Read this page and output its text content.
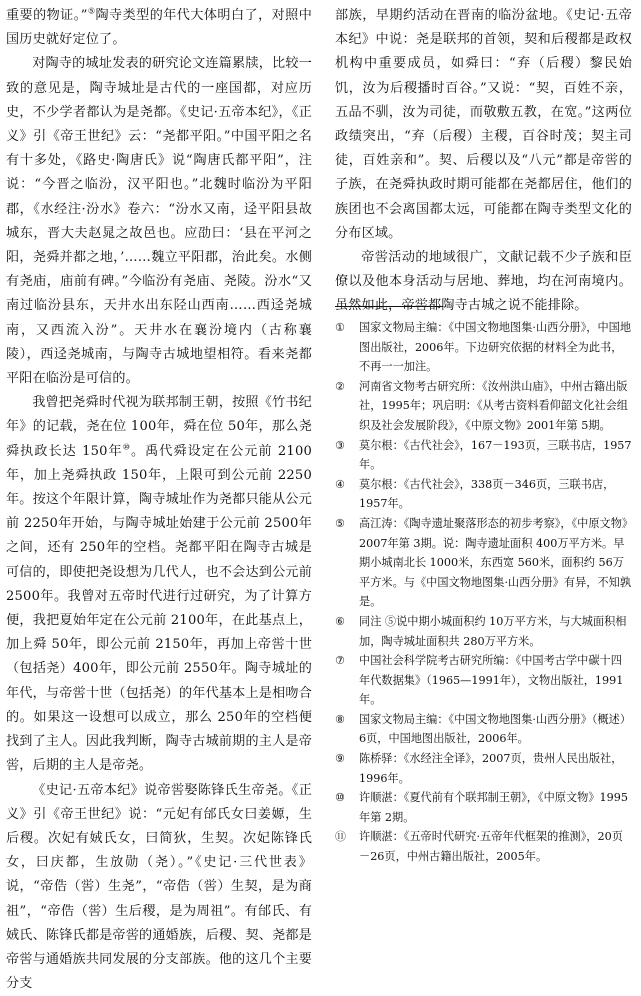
重要的物证。”⑤陶寺类型的年代大体明白了，对照中国历史就好定位了。

对陶寺的城址发表的研究论文连篇累牍，比较一致的意见是，陶寺城址是古代的一座国都，对应历史，不少学者都认为是尧都。《史记·五帝本纪》，《正义》引《帝王世纪》云：“尧都平阳。”中国平阳之名有十多处，《路史·陶唐氏》说“陶唐氏都平阳”，注说：“今晋之临汾，汉平阳也。”北魏时临汾为平阳郡，《水经注·汾水》卷六：“汾水又南，迳平阳县故城东，晋大夫赵晁之故邑也。应劭曰：‘县在平河之阳，尧舜并都之地，’……魏立平阳郡，治此矣。水侧有尧庙，庙前有碑。”今临汾有尧庙、尧陵。汾水“又南过临汾县东，天井水出东陉山西南……西迳尧城南，又西流入汾”。天井水在襄汾境内（古称襄陵），西迳尧城南，与陶寺古城地望相符。看来尧都平阳在临汾是可信的。

我曾把尧舜时代视为联邦制王朝，按照《竹书纪年》的记载，尧在位 100年，舜在位 50年，那么尧舜执政长达 150年⑩。禹代舜设定在公元前 2100年，加上尧舜执政 150年，上限可到公元前 2250年。按这个年限计算，陶寺城址作为尧都只能从公元前 2250年开始，与陶寺城址始建于公元前 2500年之间，还有 250年的空档。尧都平阳在陶寺古城是可信的，即使把尧设想为几代人，也不会达到公元前 2500年。我曾对五帝时代进行过研究，为了计算方便，我把夏始年定在公元前 2100年，在此基点上，加上舜 50年，即公元前 2150年，再加上帝喾十世（包括尧）400年，即公元前 2550年。陶寺城址的年代，与帝喾十世（包括尧）的年代基本上是相吻合的。如果这一设想可以成立，那么 250年的空档便找到了主人。因此我判断，陶寺古城前期的主人是帝喾，后期的主人是帝尧。

《史记·五帝本纪》说帝喾娶陈锋氏生帝尧。《正义》引《帝王世纪》说：“元妃有邰氏女曰姜嫄，生后稷。次妃有娀氏女，曰简狄，生契。次妃陈锋氏女，曰庆都，生放勋（尧）。”《史记·三代世表》说，“帝俈（喾）生尧”，“帝俈（喾）生契，是为商祖”，“帝俈（喾）生后稷，是为周祖”。有邰氏、有娀氏、陈锋氏都是帝喾的通婚族，后稷、契、尧都是帝喾与通婚族共同发展的分支部族。他的这几个主要分支

部族，早期约活动在晋南的临汾盆地。《史记·五帝本纪》中说：尧是联邦的首领，契和后稷都是政权机构中重要成员，如舜曰：“弃（后稷）黎民始饥，汝为后稷播时百谷。”又说：“契，百姓不亲，五品不驯，汝为司徒，而敬敷五教，在宽。”这两位政绩突出，“弃（后稷）主稷，百谷时茂；契主司徒，百姓亲和”。契、后稷以及“八元”都是帝喾的子族，在尧舜执政时期可能都在尧都居住，他们的族团也不会离国都太远，可能都在陶寺类型文化的分布区域。

帝喾活动的地域很广，文献记载不少子族和臣僚以及他本身活动与居地、葬地，均在河南境内。虽然如此，帝喾都陶寺古城之说不能排除。

①	国家文物局主编：《中国文物地图集·山西分册》，中国地图出版社，2006年。下边研究依据的材料全为此书，不再一一加注。

②	河南省文物考古研究所：《汝州洪山庙》，中州古籍出版社，1995年；巩启明：《从考古资料看仰韶文化社会组织及社会发展阶段》，《中原文物》2001年第 5期。

③	莫尔根：《古代社会》，167－193页，三联书店，1957年。

④	莫尔根：《古代社会》，338页－346页，三联书店，1957年。

⑤	高江涛：《陶寺遗址聚落形态的初步考察》，《中原文物》2007年第 3期。说：陶寺遗址面积 400万平方米。早期小城南北长 1000米，东西宽 560米，面积约 56万平方米。与《中国文物地图集·山西分册》有异，不知孰是。

⑥	同注 ⑤说中期小城面积约 10万平方米，与大城面积相加，陶寺城址面积共 280万平方米。

⑦	中国社会科学院考古研究所编：《中国考古学中碳十四年代数据集》（1965—1991年），文物出版社，1991年。

⑧	国家文物局主编：《中国文物地图集·山西分册》（概述）6页，中国地图出版社，2006年。

⑨	陈桥驿：《水经注全译》，2007页，贵州人民出版社，1996年。

⑩	许顺湛：《夏代前有个联邦制王朝》，《中原文物》1995年第 2期。

⑪	许顺湛：《五帝时代研究·五帝年代框架的推测》，20页－26页，中州古籍出版社，2005年。
